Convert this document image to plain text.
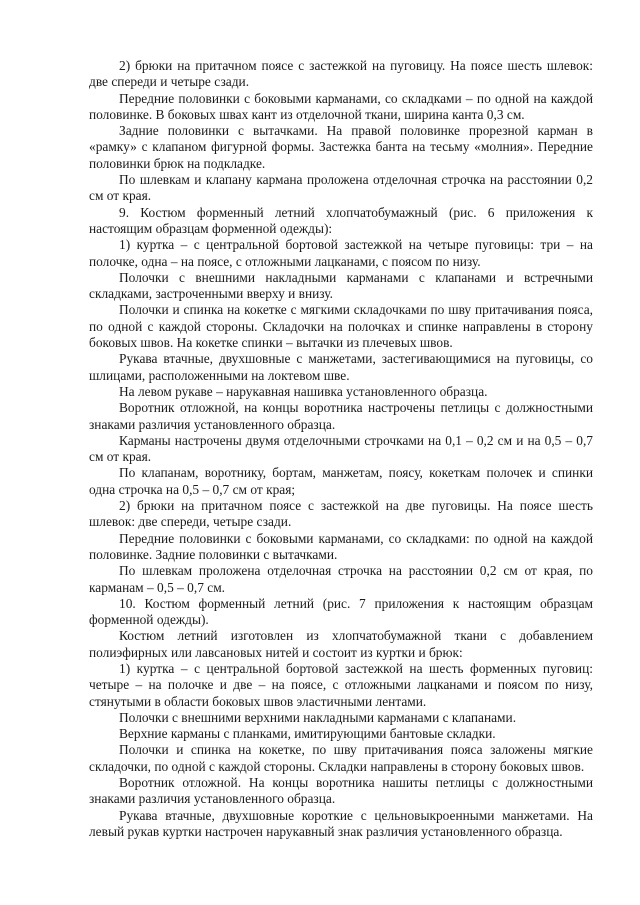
2) брюки на притачном поясе с застежкой на пуговицу. На поясе шесть шлевок: две спереди и четыре сзади.

Передние половинки с боковыми карманами, со складками – по одной на каждой половинке. В боковых швах кант из отделочной ткани, ширина канта 0,3 см.

Задние половинки с вытачками. На правой половинке прорезной карман в «рамку» с клапаном фигурной формы. Застежка банта на тесьму «молния». Передние половинки брюк на подкладке.

По шлевкам и клапану кармана проложена отделочная строчка на расстоянии 0,2 см от края.

9. Костюм форменный летний хлопчатобумажный (рис. 6 приложения к настоящим образцам форменной одежды):

1) куртка – с центральной бортовой застежкой на четыре пуговицы: три – на полочке, одна – на поясе, с отложными лацканами, с поясом по низу.

Полочки с внешними накладными карманами с клапанами и встречными складками, застроченными вверху и внизу.

Полочки и спинка на кокетке с мягкими складочками по шву притачивания пояса, по одной с каждой стороны. Складочки на полочках и спинке направлены в сторону боковых швов. На кокетке спинки – вытачки из плечевых швов.

Рукава втачные, двухшовные с манжетами, застегивающимися на пуговицы, со шлицами, расположенными на локтевом шве.

На левом рукаве – нарукавная нашивка установленного образца.

Воротник отложной, на концы воротника настрочены петлицы с должностными знаками различия установленного образца.

Карманы настрочены двумя отделочными строчками на 0,1 – 0,2 см и на 0,5 – 0,7 см от края.

По клапанам, воротнику, бортам, манжетам, поясу, кокеткам полочек и спинки одна строчка на 0,5 – 0,7 см от края;

2) брюки на притачном поясе с застежкой на две пуговицы. На поясе шесть шлевок: две спереди, четыре сзади.

Передние половинки с боковыми карманами, со складками: по одной на каждой половинке. Задние половинки с вытачками.

По шлевкам проложена отделочная строчка на расстоянии 0,2 см от края, по карманам – 0,5 – 0,7 см.

10. Костюм форменный летний (рис. 7 приложения к настоящим образцам форменной одежды).

Костюм летний изготовлен из хлопчатобумажной ткани с добавлением полиэфирных или лавсановых нитей и состоит из куртки и брюк:

1) куртка – с центральной бортовой застежкой на шесть форменных пуговиц: четыре – на полочке и две – на поясе, с отложными лацканами и поясом по низу, стянутыми в области боковых швов эластичными лентами.

Полочки с внешними верхними накладными карманами с клапанами.

Верхние карманы с планками, имитирующими бантовые складки.

Полочки и спинка на кокетке, по шву притачивания пояса заложены мягкие складочки, по одной с каждой стороны. Складки направлены в сторону боковых швов.

Воротник отложной. На концы воротника нашиты петлицы с должностными знаками различия установленного образца.

Рукава втачные, двухшовные короткие с цельновыкроенными манжетами. На левый рукав куртки настрочен нарукавный знак различия установленного образца.
